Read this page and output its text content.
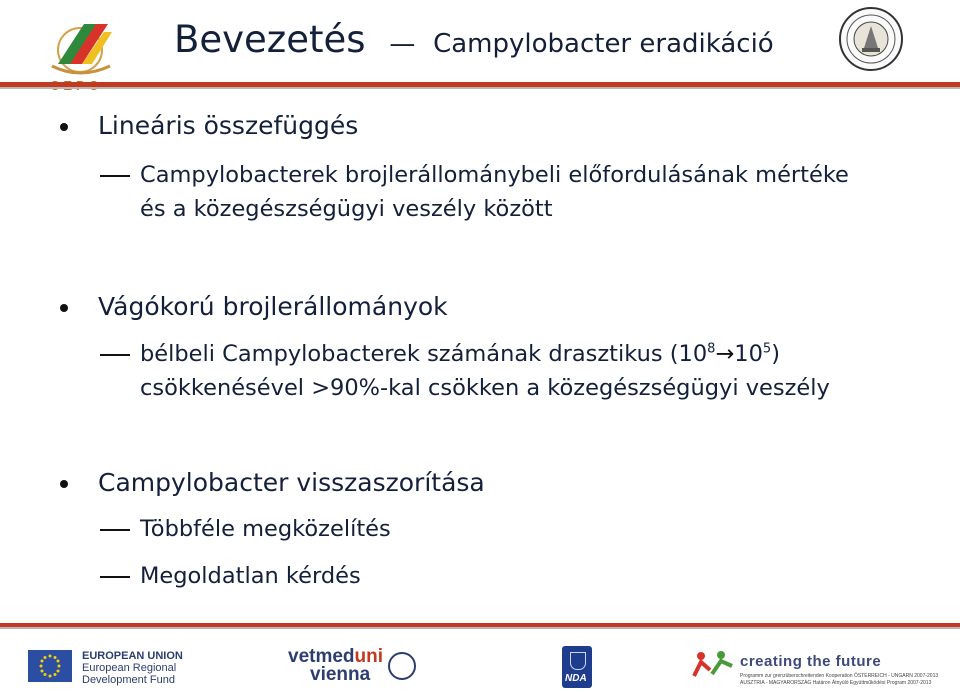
Bevezetés — Campylobacter eradikáció
Lineáris összefüggés
Campylobacterek brojlerállománybeli előfordulásának mértéke
és a közegészségügyi veszély között
Vágókorú brojlerállományok
bélbeli Campylobacterek számának drasztikus $(10^8\to 10^5)$
csökkenésével >90%-kal csökken a közegészségügyi veszély
Campylobacter visszaszorítása
Többféle megközelítés
Megoldatlan kérdés
EUROPEAN UNION
European Regional
Development Fund
vetmeduni
vienna	NDA
creating the future
Programm zur grenzüberschreitenden Kooperation ÖSTERREICH - UNGARN 2007-2013
AUSZTRIA - MAGYARORSZÁG Határon Átnyúló Együttműködési Program 2007-2013
